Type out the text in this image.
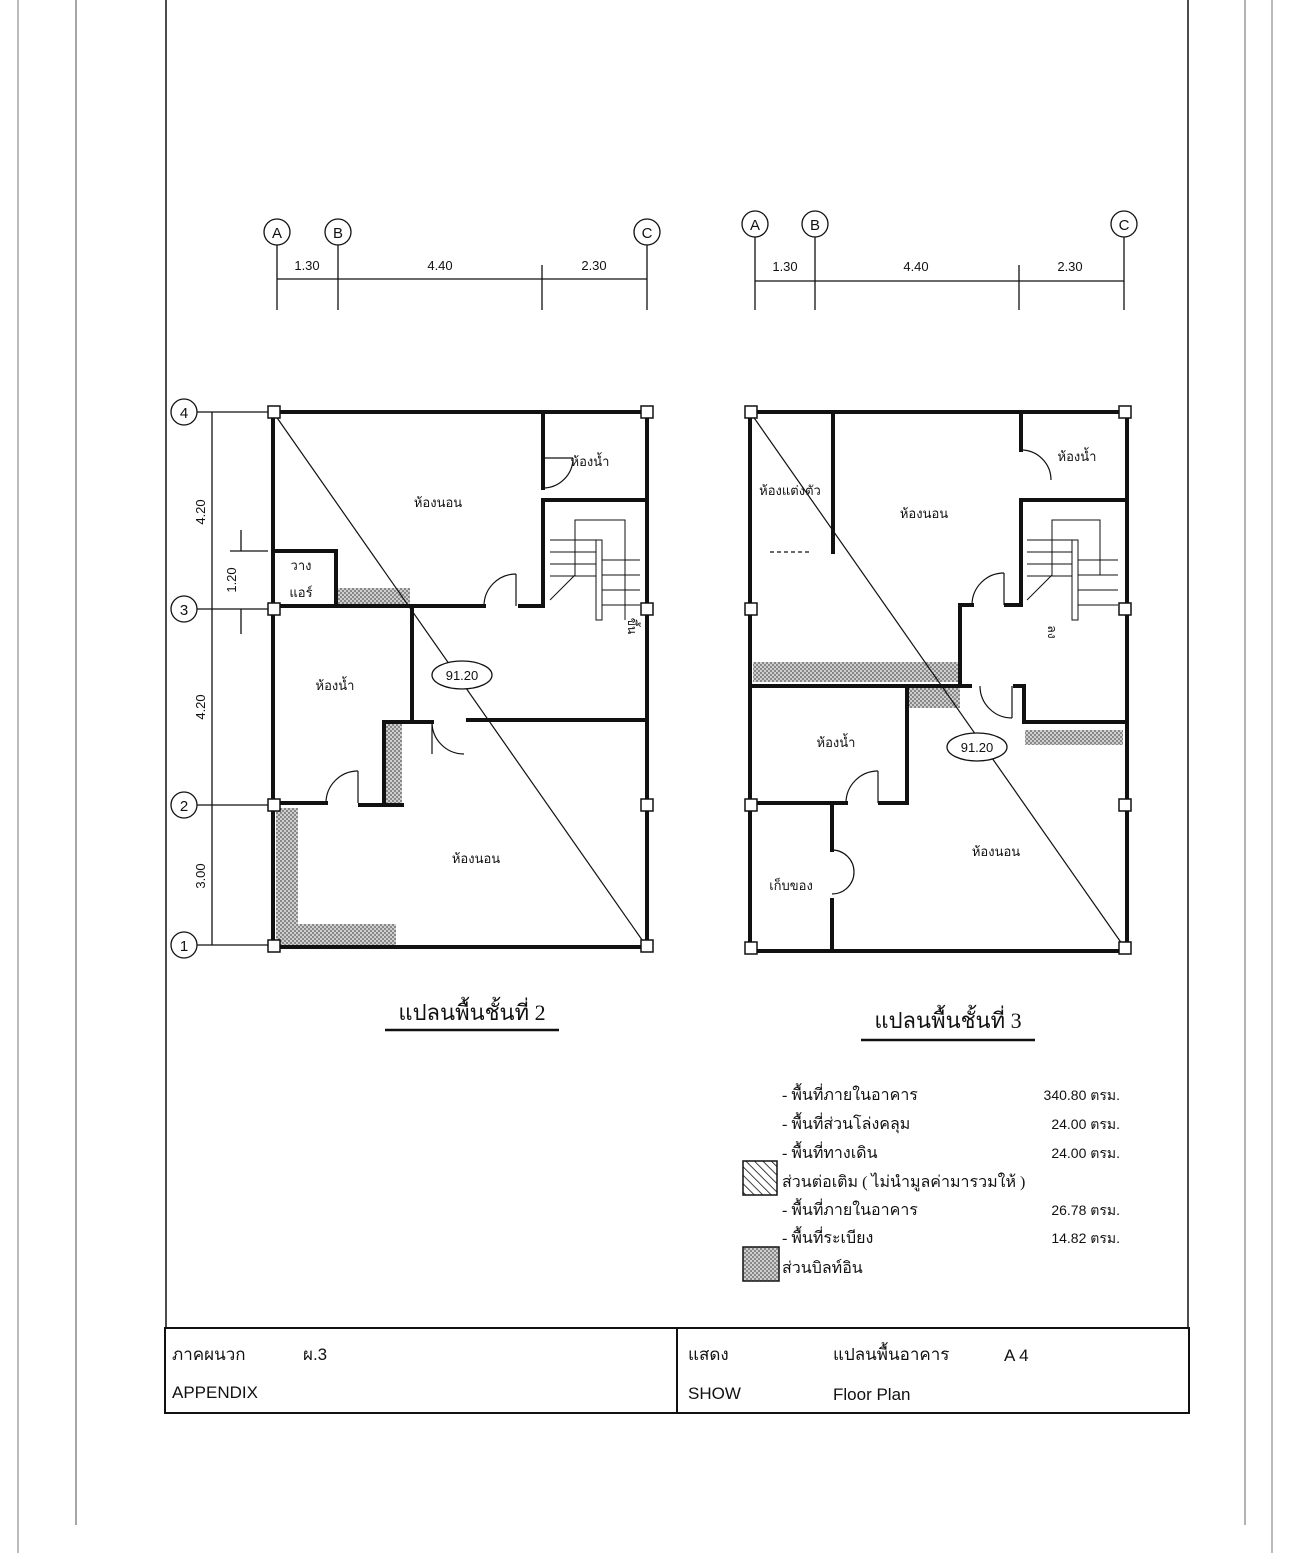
A	B	C
1.30	4.40	2.30
4
3
2
1
4.20
1.20
4.20
3.00
ห้องน้ำ
ห้องนอน
วาง
แอร์
ห้องน้ำ
ห้องนอน
ขึ้น
91.20
แปลนพื้นชั้นที่ 2
A	B	C
1.30	4.40	2.30
ห้องน้ำ
ห้องแต่งตัว
ห้องนอน
ห้องน้ำ
เก็บของ
ห้องนอน
ลง
91.20
แปลนพื้นชั้นที่ 3
- พื้นที่ภายในอาคาร	340.80 ตรม.
- พื้นที่ส่วนโล่งคลุม	24.00 ตรม.
- พื้นที่ทางเดิน	24.00 ตรม.
ส่วนต่อเติม ( ไม่นำมูลค่ามารวมให้ )
- พื้นที่ภายในอาคาร	26.78 ตรม.
- พื้นที่ระเบียง	14.82 ตรม.
ส่วนบิลท์อิน
ภาคผนวก	ผ.3
APPENDIX
แสดง	แปลนพื้นอาคาร	A 4
SHOW	Floor Plan
